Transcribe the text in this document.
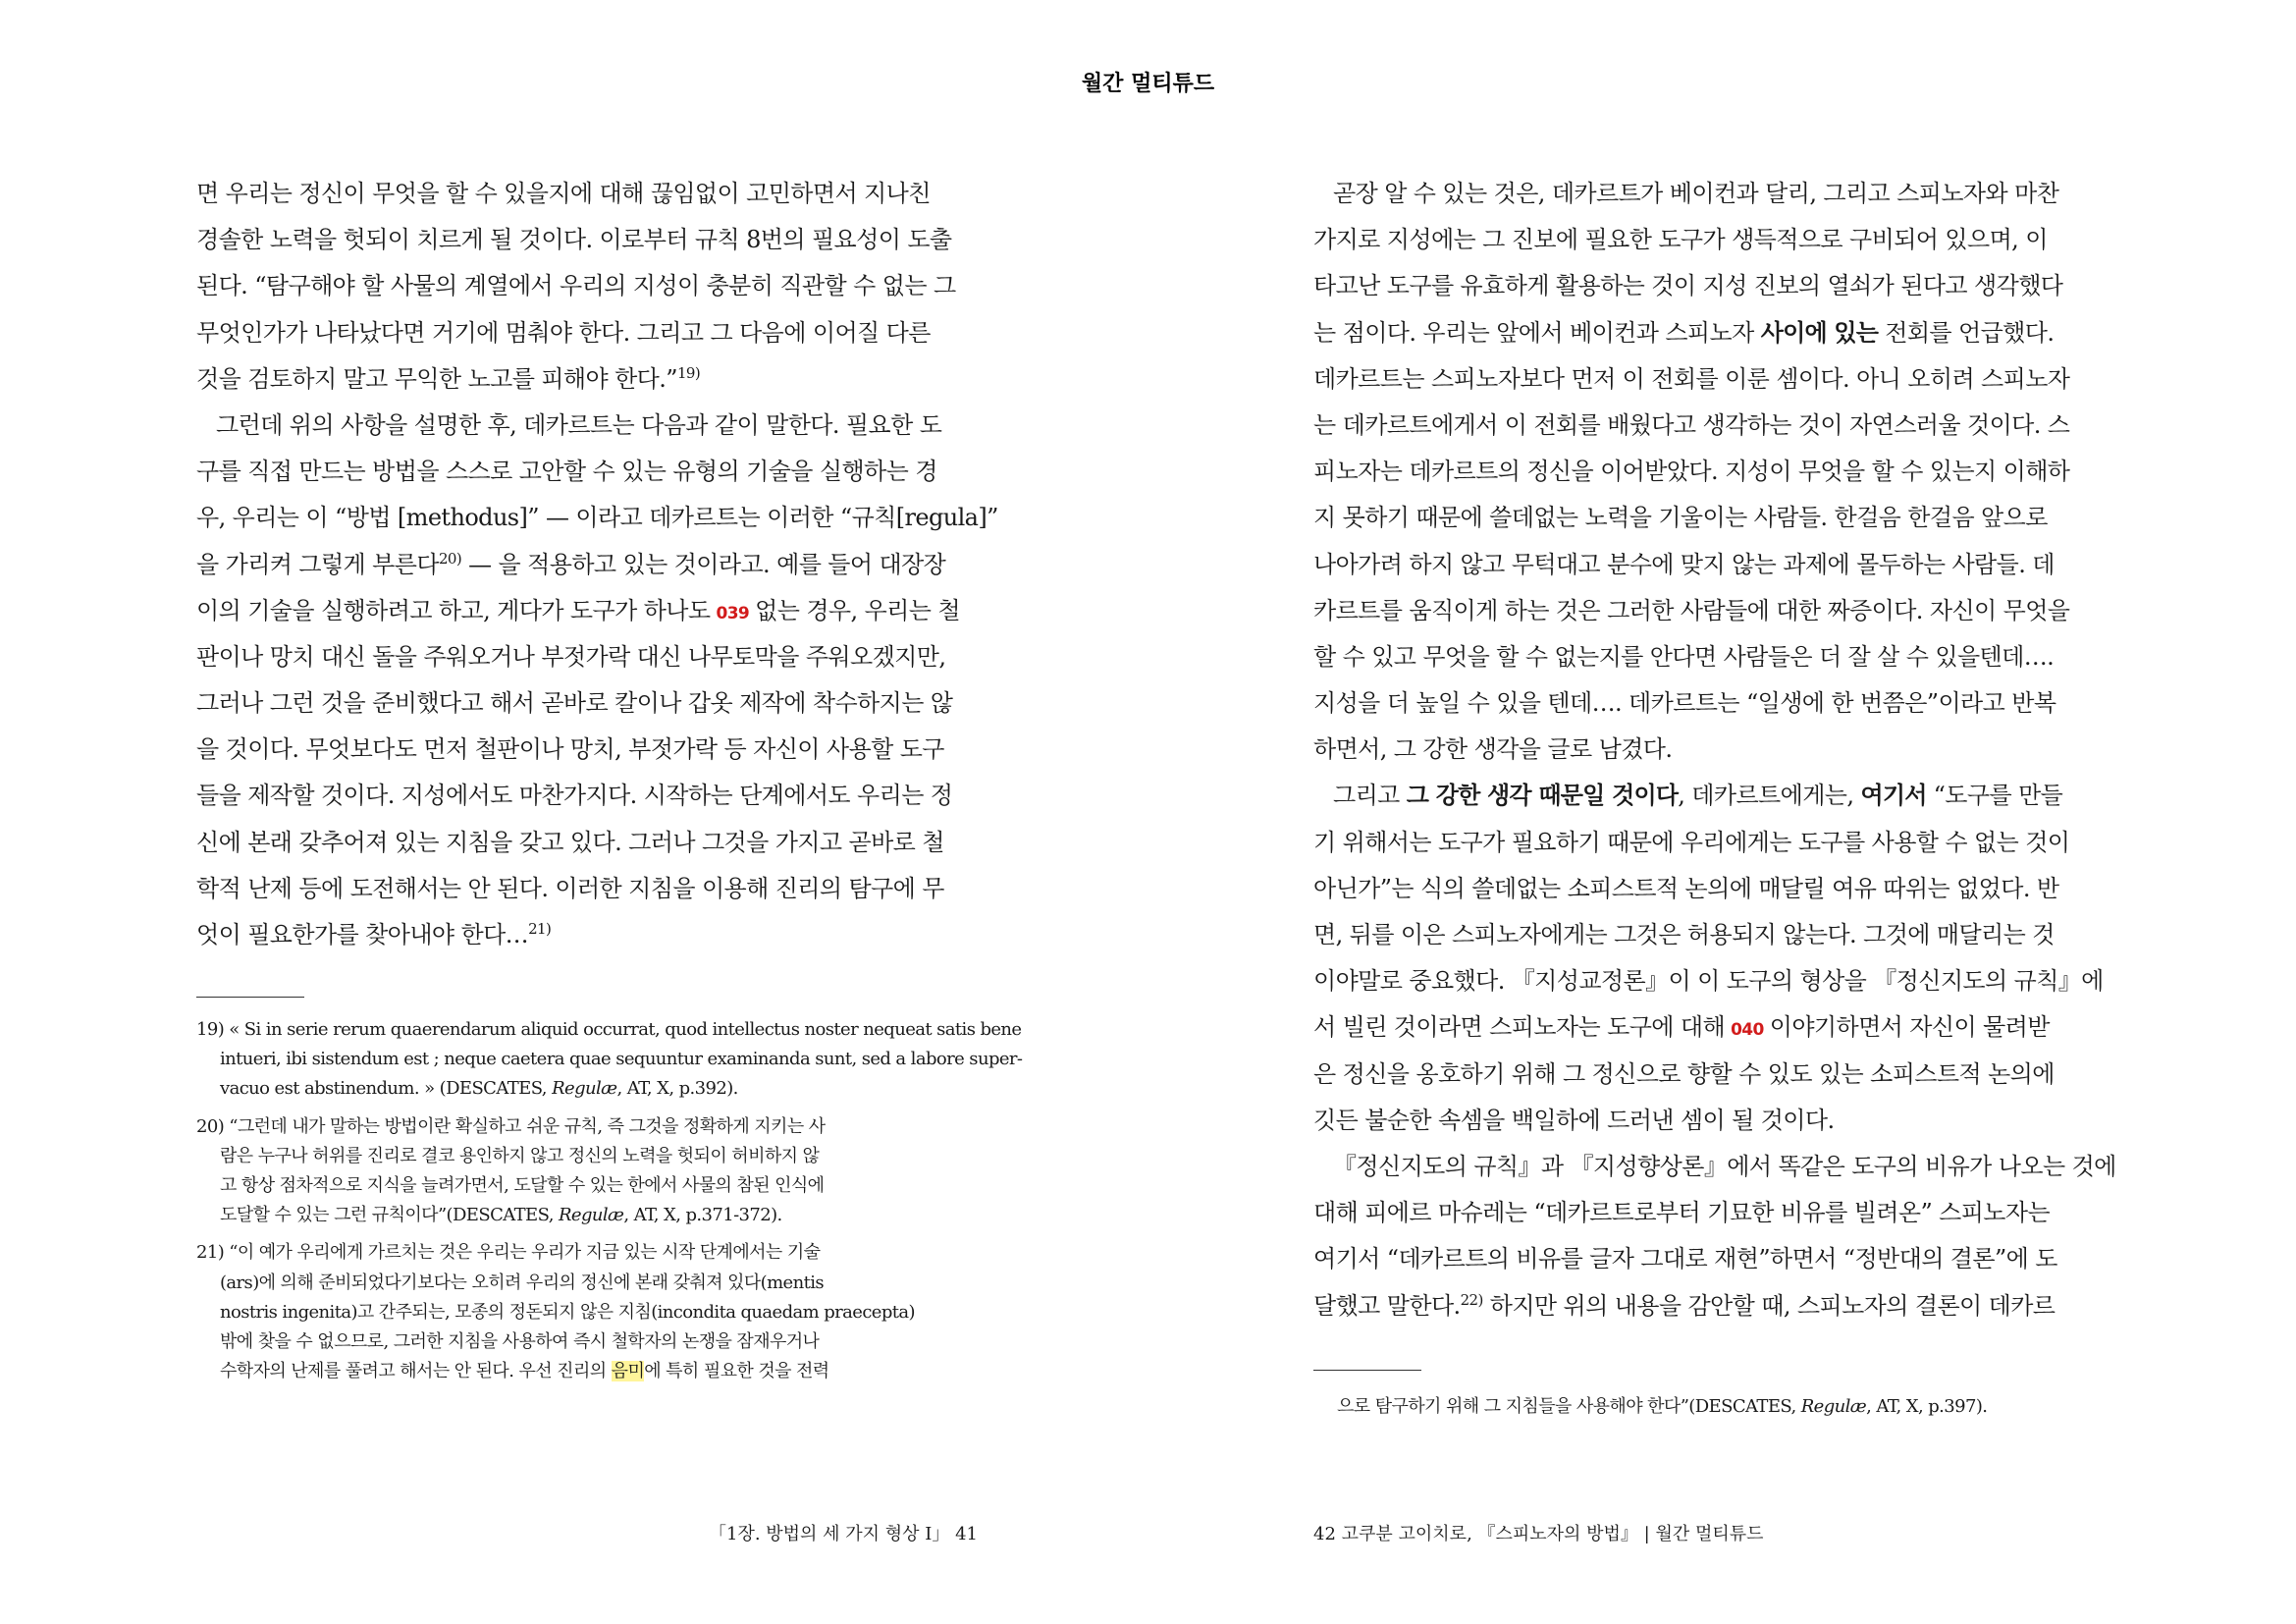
월간 멀티튜드
면 우리는 정신이 무엇을 할 수 있을지에 대해 끊임없이 고민하면서 지나친
경솔한 노력을 헛되이 치르게 될 것이다. 이로부터 규칙 8번의 필요성이 도출
된다. “탐구해야 할 사물의 계열에서 우리의 지성이 충분히 직관할 수 없는 그
무엇인가가 나타났다면 거기에 멈춰야 한다. 그리고 그 다음에 이어질 다른
것을 검토하지 말고 무익한 노고를 피해야 한다.”$^{19)}$
그런데 위의 사항을 설명한 후, 데카르트는 다음과 같이 말한다. 필요한 도
구를 직접 만드는 방법을 스스로 고안할 수 있는 유형의 기술을 실행하는 경
우, 우리는 이 “방법 [methodus]” — 이라고 데카르트는 이러한 “규칙[regula]”
을 가리켜 그렇게 부른다$^{20)}$ — 을 적용하고 있는 것이라고. 예를 들어 대장장
이의 기술을 실행하려고 하고, 게다가 도구가 하나도 039 없는 경우, 우리는 철
판이나 망치 대신 돌을 주워오거나 부젓가락 대신 나무토막을 주워오겠지만,
그러나 그런 것을 준비했다고 해서 곧바로 칼이나 갑옷 제작에 착수하지는 않
을 것이다. 무엇보다도 먼저 철판이나 망치, 부젓가락 등 자신이 사용할 도구
들을 제작할 것이다. 지성에서도 마찬가지다. 시작하는 단계에서도 우리는 정
신에 본래 갖추어져 있는 지침을 갖고 있다. 그러나 그것을 가지고 곧바로 철
학적 난제 등에 도전해서는 안 된다. 이러한 지침을 이용해 진리의 탐구에 무
엇이 필요한가를 찾아내야 한다…$^{21)}$
19) « Si in serie rerum quaerendarum aliquid occurrat, quod intellectus noster nequeat satis bene
intueri, ibi sistendum est ; neque caetera quae sequuntur examinanda sunt, sed a labore super-
vacuo est abstinendum. » (DESCATES, Regulæ, AT, X, p.392).
20) “그런데 내가 말하는 방법이란 확실하고 쉬운 규칙, 즉 그것을 정확하게 지키는 사
람은 누구나 허위를 진리로 결코 용인하지 않고 정신의 노력을 헛되이 허비하지 않
고 항상 점차적으로 지식을 늘려가면서, 도달할 수 있는 한에서 사물의 참된 인식에
도달할 수 있는 그런 규칙이다”(DESCATES, Regulæ, AT, X, p.371-372).
21) “이 예가 우리에게 가르치는 것은 우리는 우리가 지금 있는 시작 단계에서는 기술
(ars)에 의해 준비되었다기보다는 오히려 우리의 정신에 본래 갖춰져 있다(mentis
nostris ingenita)고 간주되는, 모종의 정돈되지 않은 지침(incondita quaedam praecepta)
밖에 찾을 수 없으므로, 그러한 지침을 사용하여 즉시 철학자의 논쟁을 잠재우거나
수학자의 난제를 풀려고 해서는 안 된다. 우선 진리의 음미에 특히 필요한 것을 전력
「1장. 방법의 세 가지 형상 I」 41
곧장 알 수 있는 것은, 데카르트가 베이컨과 달리, 그리고 스피노자와 마찬
가지로 지성에는 그 진보에 필요한 도구가 생득적으로 구비되어 있으며, 이
타고난 도구를 유효하게 활용하는 것이 지성 진보의 열쇠가 된다고 생각했다
는 점이다. 우리는 앞에서 베이컨과 스피노자 사이에 있는 전회를 언급했다.
데카르트는 스피노자보다 먼저 이 전회를 이룬 셈이다. 아니 오히려 스피노자
는 데카르트에게서 이 전회를 배웠다고 생각하는 것이 자연스러울 것이다. 스
피노자는 데카르트의 정신을 이어받았다. 지성이 무엇을 할 수 있는지 이해하
지 못하기 때문에 쓸데없는 노력을 기울이는 사람들. 한걸음 한걸음 앞으로
나아가려 하지 않고 무턱대고 분수에 맞지 않는 과제에 몰두하는 사람들. 데
카르트를 움직이게 하는 것은 그러한 사람들에 대한 짜증이다. 자신이 무엇을
할 수 있고 무엇을 할 수 없는지를 안다면 사람들은 더 잘 살 수 있을텐데….
지성을 더 높일 수 있을 텐데…. 데카르트는 “일생에 한 번쯤은”이라고 반복
하면서, 그 강한 생각을 글로 남겼다.
그리고 그 강한 생각 때문일 것이다, 데카르트에게는, 여기서 “도구를 만들
기 위해서는 도구가 필요하기 때문에 우리에게는 도구를 사용할 수 없는 것이
아닌가”는 식의 쓸데없는 소피스트적 논의에 매달릴 여유 따위는 없었다. 반
면, 뒤를 이은 스피노자에게는 그것은 허용되지 않는다. 그것에 매달리는 것
이야말로 중요했다. 『지성교정론』이 이 도구의 형상을 『정신지도의 규칙』에
서 빌린 것이라면 스피노자는 도구에 대해 040 이야기하면서 자신이 물려받
은 정신을 옹호하기 위해 그 정신으로 향할 수 있도 있는 소피스트적 논의에
깃든 불순한 속셈을 백일하에 드러낸 셈이 될 것이다.
『정신지도의 규칙』과 『지성향상론』에서 똑같은 도구의 비유가 나오는 것에
대해 피에르 마슈레는 “데카르트로부터 기묘한 비유를 빌려온” 스피노자는
여기서 “데카르트의 비유를 글자 그대로 재현”하면서 “정반대의 결론”에 도
달했고 말한다.$^{22)}$ 하지만 위의 내용을 감안할 때, 스피노자의 결론이 데카르
으로 탐구하기 위해 그 지침들을 사용해야 한다”(DESCATES, Regulæ, AT, X, p.397).
42 고쿠분 고이치로, 『스피노자의 방법』 | 월간 멀티튜드
